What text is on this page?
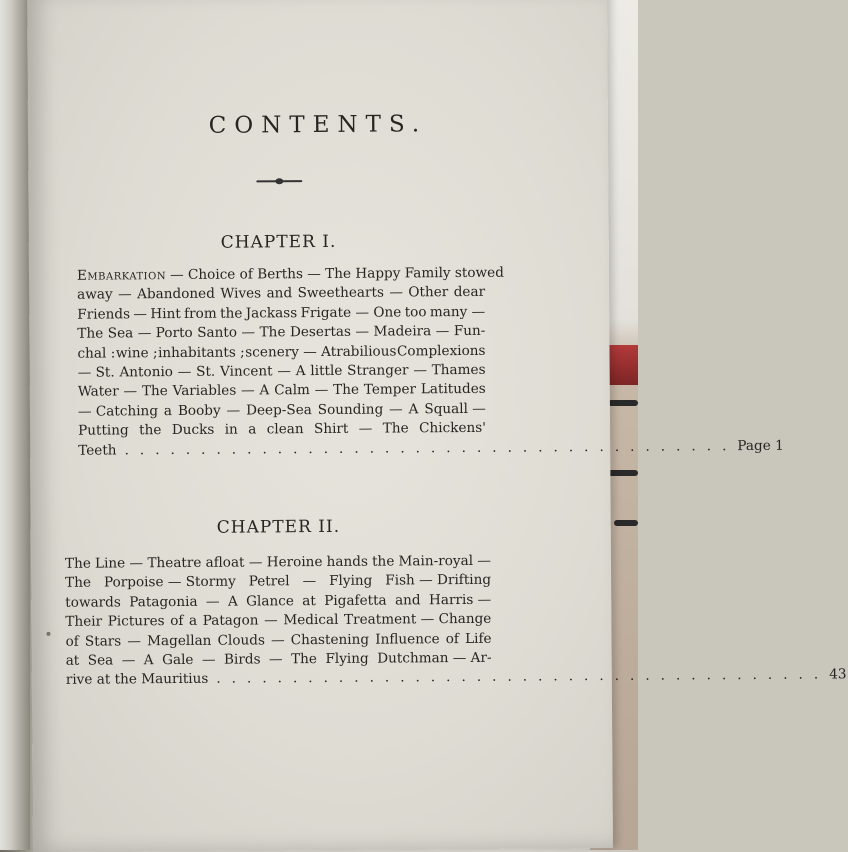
CONTENTS.
CHAPTER I.
Embarkation — Choice of Berths — The Happy Family stowed
away — Abandoned Wives and Sweethearts — Other dear
Friends — Hint from the Jackass Frigate — One too many —
The Sea — Porto Santo — The Desertas — Madeira — Fun-
chal : wine ; inhabitants ; scenery — Atrabilious Complexions
— St. Antonio — St. Vincent — A little Stranger — Thames
Water — The Variables — A Calm — The Temper Latitudes
— Catching a Booby — Deep-Sea Sounding — A Squall —
Putting the Ducks in a clean Shirt — The Chickens'
Teeth ........................................ Page 1
CHAPTER II.
The Line — Theatre afloat — Heroine hands the Main-royal —
The Porpoise — Stormy Petrel — Flying Fish — Drifting
towards Patagonia — A Glance at Pigafetta and Harris —
Their Pictures of a Patagon — Medical Treatment — Change
of Stars — Magellan Clouds — Chastening Influence of Life
at Sea — A Gale — Birds — The Flying Dutchman — Ar-
rive at the Mauritius ........................................ 43
